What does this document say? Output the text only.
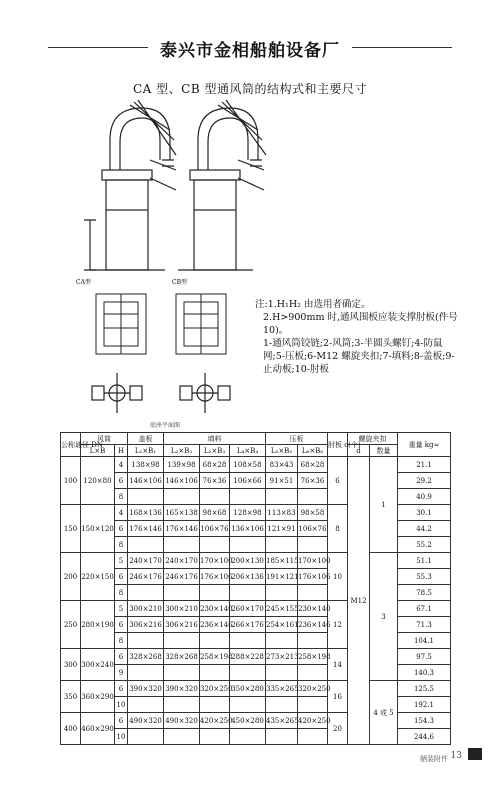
泰兴市金相船舶设备厂
CA 型、CB 型通风筒的结构式和主要尺寸
CA型	CB型
底座平面图
注:1.H₁H₂ 由选用者确定。
2.H>900mm 时,通风围板应装支撑肘板(件号10)。
1-通风筒铰链;2-风筒;3-半圆头螺钉;4-防鼠网;5-压板;6-M12 螺旋夹扣;7-填料;8-盖板;9-止动板;10-肘板
公称通径 DN	风筒		盖板	填料			压板		肘板 c(个)	螺旋夹扣		重量 kg≈
	L×B	H	L₁×B₁		L₂×B₂	L₃×B₃	L₄×B₄	L₅×B₅	L₆×B₆		d	数量	
100	120×80	4	138×98		139×98	68×28	108×58	83×43	68×28	6	M12	1	21.1
		6	146×106		146×106	76×36	106×66	91×51	76×36				29.2
		8										40.9
150	150×120	4	168×136		165×138	98×68	128×98	113×83	98×58	8			30.1
		6	176×146		176×146	106×76	136×106	121×91	106×76				44.2
		8										55.2
200	220×150	5	240×170		240×170	170×100	200×130	185×115	170×100	10		3	51.1
		6	246×176		246×176	176×106	206×136	191×121	176×106				55.3
		8										78.5
250	280×190	5	300×210		300×210	230×140	260×170	245×155	230×140	12			67.1
		6	306×216		306×216	236×146	266×176	254×161	236×146				71.3
		8										104.1
300	300×240	6	328×268		328×268	258×198	288×228	273×213	258×198	14			97.5
		9										140.3
350	360×290	6	390×320		390×320	320×250	350×280	335×265	320×250	16		4 或 5	125.5
		10										192.1
400	460×290	6	490×320		490×320	420×250	450×280	435×265	420×250	20			154.3
		10										244.6
舾装附件 13
